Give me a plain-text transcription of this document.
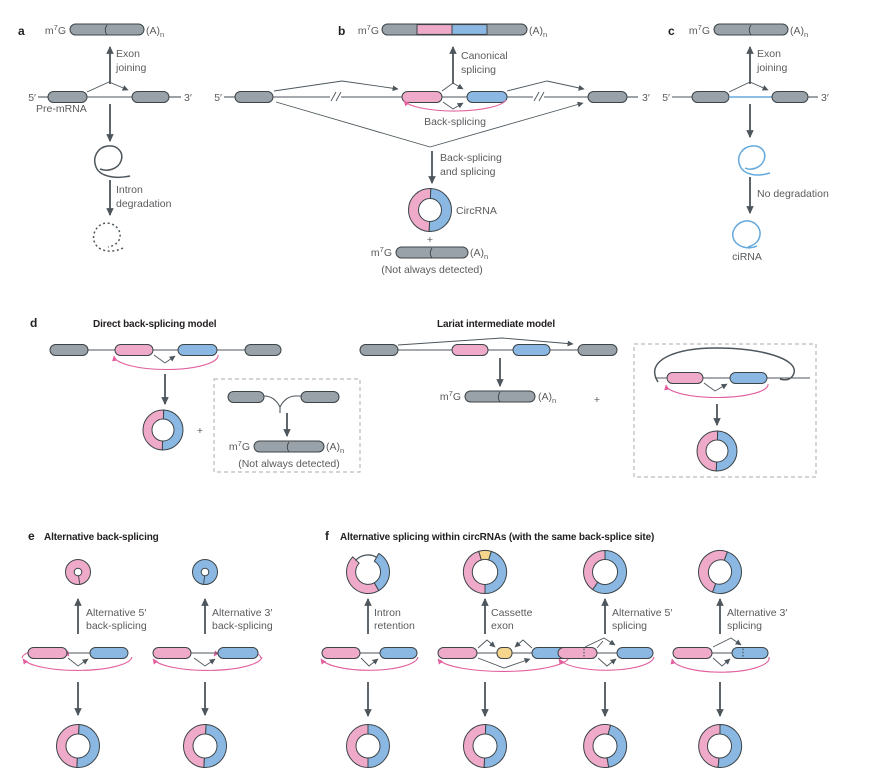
a $m^7G$	$(A)_n$
Exon
joining
5′	3′
Pre-mRNA
Intron
degradation
b $m^7G$	$(A)_n$
Canonical
splicing
5′	3′
Back-splicing
Back-splicing
and splicing
CircRNA
+
$m^7G$	$(A)_n$
(Not always detected)
c $m^7G$	$(A)_n$
Exon
joining
5′	3′
No degradation
ciRNA
d	Direct back-splicing model
+
$m^7G$	$(A)_n$
(Not always detected)
Lariat intermediate model
$m^7G$	$(A)_n$	+
e Alternative back-splicing
Alternative 5′
back-splicing
Alternative 3′
back-splicing
f Alternative splicing within circRNAs (with the same back-splice site)
Intron
retention
Cassette
exon
Alternative 5′
splicing
Alternative 3′
splicing
